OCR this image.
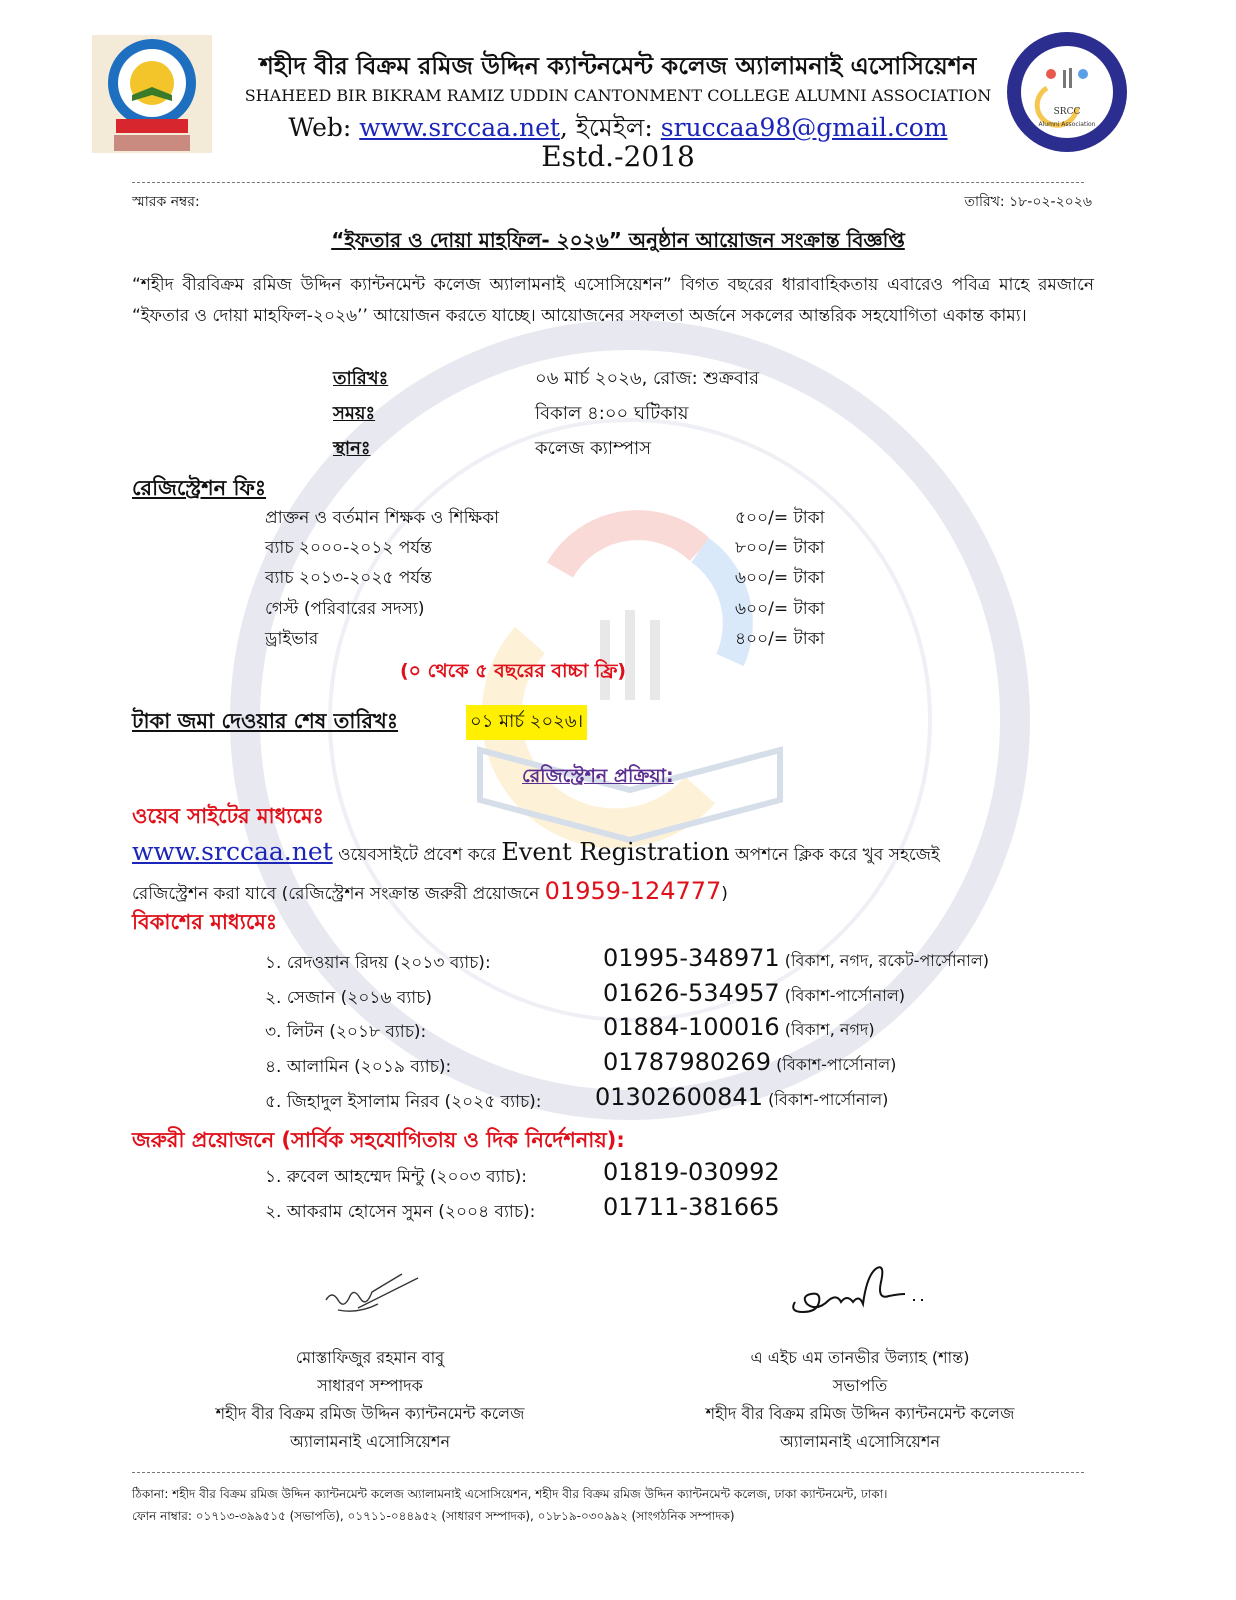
SRCC
Alumni Association
শহীদ বীর বিক্রম রমিজ উদ্দিন ক্যান্টনমেন্ট কলেজ অ্যালামনাই এসোসিয়েশন
SHAHEED BIR BIKRAM RAMIZ UDDIN CANTONMENT COLLEGE ALUMNI ASSOCIATION
Web: www.srccaa.net, ইমেইল: sruccaa98@gmail.com
Estd.-2018
স্মারক নম্বর:	তারিখ: ১৮-০২-২০২৬
“ইফতার ও দোয়া মাহফিল- ২০২৬” অনুষ্ঠান আয়োজন সংক্রান্ত বিজ্ঞপ্তি
“শহীদ বীরবিক্রম রমিজ উদ্দিন ক্যান্টনমেন্ট কলেজ অ্যালামনাই এসোসিয়েশন” বিগত বছরের ধারাবাহিকতায় এবারেও পবিত্র মাহে রমজানে “ইফতার ও দোয়া মাহফিল-২০২৬’’ আয়োজন করতে যাচ্ছে। আয়োজনের সফলতা অর্জনে সকলের আন্তরিক সহযোগিতা একান্ত কাম্য।
তারিখঃ	০৬ মার্চ ২০২৬, রোজ: শুক্রবার
সময়ঃ	বিকাল ৪:০০ ঘটিকায়
স্থানঃ	কলেজ ক্যাম্পাস
রেজিস্ট্রেশন ফিঃ
প্রাক্তন ও বর্তমান শিক্ষক ও শিক্ষিকা	৫০০/= টাকা
ব্যাচ ২০০০-২০১২ পর্যন্ত	৮০০/= টাকা
ব্যাচ ২০১৩-২০২৫ পর্যন্ত	৬০০/= টাকা
গেস্ট (পরিবারের সদস্য)	৬০০/= টাকা
ড্রাইভার	৪০০/= টাকা
(০ থেকে ৫ বছরের বাচ্চা ফ্রি)
টাকা জমা দেওয়ার শেষ তারিখঃ	০১ মার্চ ২০২৬।
রেজিস্ট্রেশন প্রক্রিয়া:
ওয়েব সাইটের মাধ্যমেঃ
www.srccaa.net ওয়েবসাইটে প্রবেশ করে Event Registration অপশনে ক্লিক করে খুব সহজেই
রেজিস্ট্রেশন করা যাবে (রেজিস্ট্রেশন সংক্রান্ত জরুরী প্রয়োজনে 01959-124777)
বিকাশের মাধ্যমেঃ
১. রেদওয়ান রিদয় (২০১৩ ব্যাচ):	01995-348971 (বিকাশ, নগদ, রকেট-পার্সোনাল)
২. সেজান (২০১৬ ব্যাচ)	01626-534957 (বিকাশ-পার্সোনাল)
৩. লিটন (২০১৮ ব্যাচ):	01884-100016 (বিকাশ, নগদ)
৪. আলামিন (২০১৯ ব্যাচ):	01787980269 (বিকাশ-পার্সোনাল)
৫. জিহাদুল ইসালাম নিরব (২০২৫ ব্যাচ): 01302600841 (বিকাশ-পার্সোনাল)
জরুরী প্রয়োজনে (সার্বিক সহযোগিতায় ও দিক নির্দেশনায়):
১. রুবেল আহম্মেদ মিন্টু (২০০৩ ব্যাচ):	01819-030992
২. আকরাম হোসেন সুমন (২০০৪ ব্যাচ):	01711-381665
মোস্তাফিজুর রহমান বাবু
সাধারণ সম্পাদক
শহীদ বীর বিক্রম রমিজ উদ্দিন ক্যান্টনমেন্ট কলেজ
অ্যালামনাই এসোসিয়েশন
এ এইচ এম তানভীর উল্যাহ (শান্ত)
সভাপতি
শহীদ বীর বিক্রম রমিজ উদ্দিন ক্যান্টনমেন্ট কলেজ
অ্যালামনাই এসোসিয়েশন
ঠিকানা: শহীদ বীর বিক্রম রমিজ উদ্দিন ক্যান্টনমেন্ট কলেজ অ্যালামনাই এসোসিয়েশন, শহীদ বীর বিক্রম রমিজ উদ্দিন ক্যান্টনমেন্ট কলেজ, ঢাকা ক্যান্টনমেন্ট, ঢাকা।
ফোন নাম্বার: ০১৭১৩-৩৯৯৫১৫ (সভাপতি), ০১৭১১-০৪৪৯৫২ (সাধারণ সম্পাদক), ০১৮১৯-০৩০৯৯২ (সাংগঠনিক সম্পাদক)
